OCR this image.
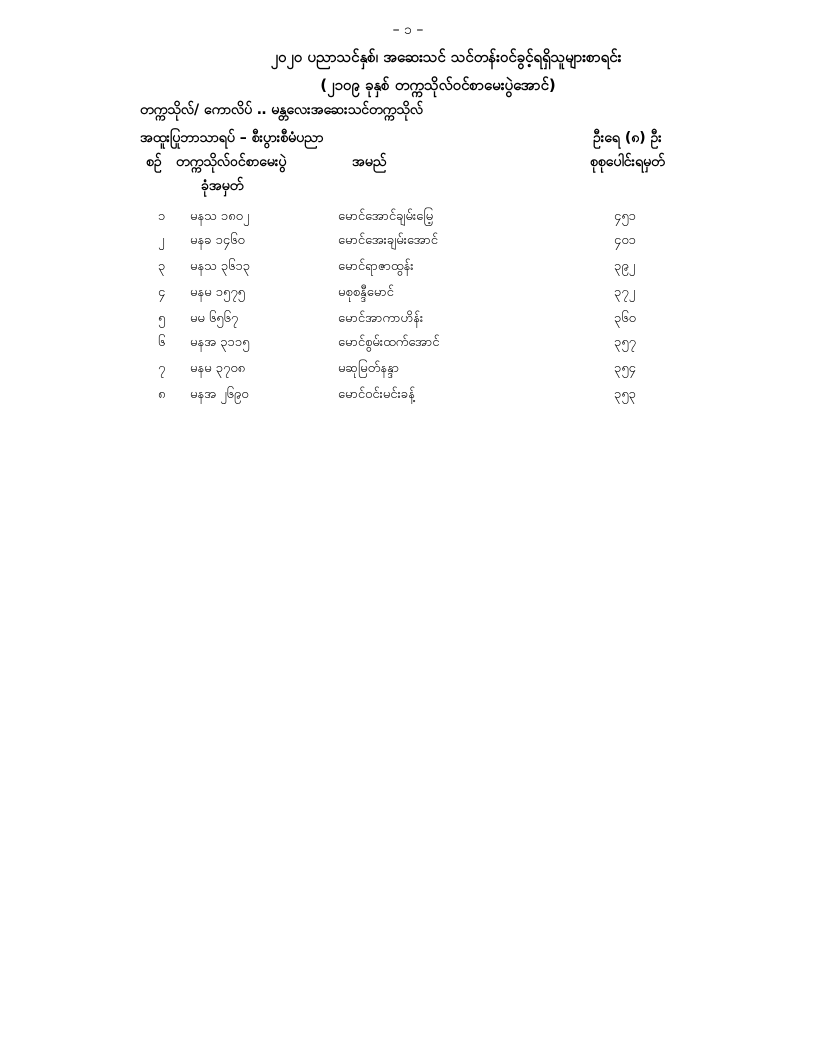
– ၁ –
၂၀၂၀ ပညာသင်နှစ်၊ အဆေးသင် သင်တန်းဝင်ခွင့်ရရှိသူများစာရင်း
(၂၁၀၉ ခုနှစ် တက္ကသိုလ်ဝင်စာမေးပွဲအောင်)
တက္ကသိုလ်/ ကောလိပ် ‥ မန္တလေးအဆေးသင်တက္ကသိုလ်
အထူးပြုဘာသာရပ် – စီးပွားစီမံပညာ	ဦးရေ (၈) ဦး
စဉ် တက္ကသိုလ်ဝင်စာမေးပွဲ
ခုံအမှတ်
အမည်	စုစုပေါင်းရမှတ်
၁ မနသ ၁၈၀၂	မောင်အောင်ချမ်းမြေ့	၄၅၁
၂ မနခ ၁၄၆၀	မောင်အေးချမ်းအောင်	၄၀၁
၃ မနသ ၃၆၁၃	မောင်ရာဇာထွန်း	၃၉၂
၄ မနမ ၁၅၇၅	မစုစန္ဒီမောင်	၃၇၂
၅ မမ ၆၅၆၇	မောင်အာကာဟိန်း	၃၆၀
၆ မနအ ၃၁၁၅	မောင်စွမ်းထက်အောင်	၃၅၇
၇ မနမ ၃၇၀၈	မဆုမြတ်နန္ဒာ	၃၅၄
၈ မနအ ၂၆၉၀	မောင်ဝင်းမင်းခန့်	၃၅၃
